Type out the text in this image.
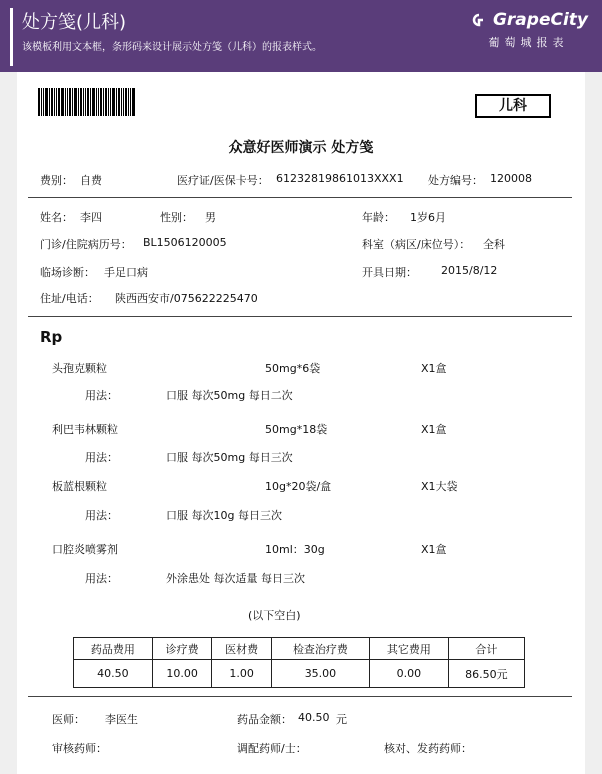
处方笺(儿科)
该模板利用文本框，条形码来设计展示处方笺（儿科）的报表样式。
GrapeCity
葡萄城报表
儿科
众意好医师演示 处方笺
费别： 自费	医疗证/医保卡号： 61232819861013XXX1 处方编号： 120008
姓名： 李四	性别： 男	年龄： 1岁6月
门诊/住院病历号： BL1506120005	科室（病区/床位号）： 全科
临场诊断： 手足口病	开具日期： 2015/8/12
住址/电话： 陕西西安市/075622225470
Rp
头孢克颗粒	50mg*6袋	X1盒
用法：	口服 每次50mg 每日二次
利巴韦林颗粒	50mg*18袋	X1盒
用法：	口服 每次50mg 每日三次
板蓝根颗粒	10g*20袋/盒	X1大袋
用法：	口服 每次10g 每日三次
口腔炎喷雾剂	10ml：30g	X1盒
用法：	外涂患处 每次适量 每日三次
(以下空白)
药品费用	诊疗费	医材费	检查治疗费	其它费用	合计
40.50	10.00	1.00	35.00	0.00	86.50元
医师： 李医生	药品金额： 40.50 元
审核药师：	调配药师/士：	核对、发药药师：
